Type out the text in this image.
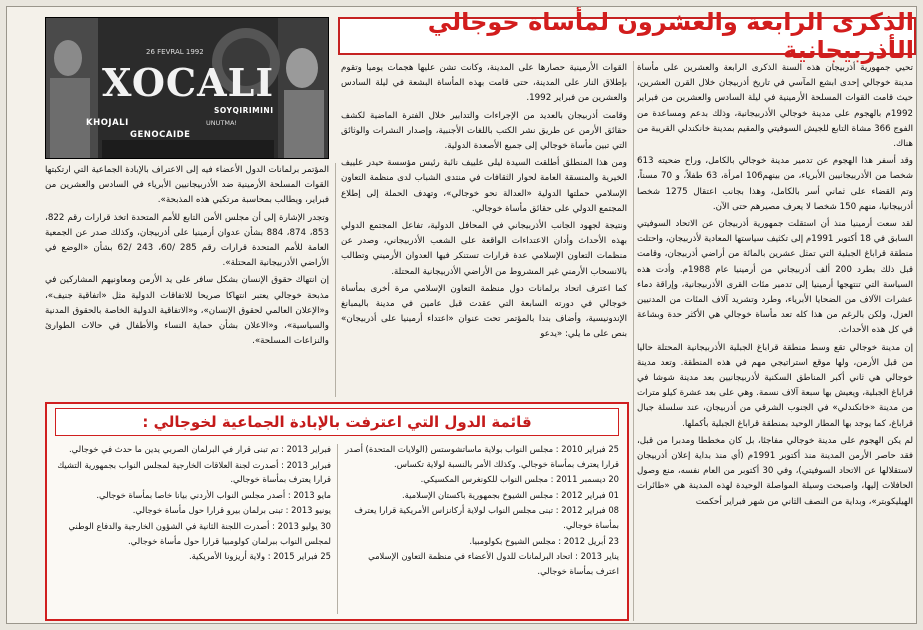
الذكرى الرابعة والعشرون لمأساة خوجالي الأذربيجانية
26 FEVRAL 1992
XOCALI
SOYQIRIMINI
KHOJALI	UNUTMA!
GENOCAIDE

تحيي جمهورية أذربيجان هذه السنة الذكرى الرابعة والعشرين على مأساة مدينة خوجالي إحدى ابشع المآسي في تاريخ أذربيجان خلال القرن العشرين، حيث قامت القوات المسلحة الأرمينية في ليلة السادس والعشرين من فبراير 1992م بالهجوم على مدينة خوجالي الأذربيجانية، وذلك بدعم ومساعدة من الفوج 366 مشاة التابع للجيش السوفيتي والمقيم بمدينة خانكندلي القريبة من هناك.

وقد أسفر هذا الهجوم عن تدمير مدينة خوجالي بالكامل، وراح ضحيته 613 شخصا من الأذربيجانيين الأبرياء، من بينهم106 امرأة، 63 طفلاً، و 70 مسناً، وتم القضاء على ثماني أسر بالكامل، وهذا بجانب اعتقال 1275 شخصا أذربيجانيا، منهم 150 شخصا لا يعرف مصيرهم حتى الآن.

لقد سعت أرمينيا منذ أن استقلت جمهورية أذربيجان عن الاتحاد السوفيتي السابق في 18 أكتوبر 1991م إلى تكثيف سياستها المعادية لأذربيجان، واحتلت منطقة قراباغ الجبلية التي تمثل عشرين بالمائة من أراضي أذربيجان، وقامت قبل ذلك بطرد 200 ألف أذربيجاني من أرمينيا عام 1988م. وأدت هذه السياسة التي تنتهجها أرمينيا إلى تدمير مئات القرى الأذربيجانية، وإراقة دماء عشرات الآلاف من الضحايا الأبرياء، وطرد وتشريد آلاف المئات من المدنيين العزل، ولكن بالرغم من هذا كله تعد مأساة خوجالي هي الأكثر حدة وبشاعة في كل هذه الأحداث.

إن مدينة خوجالي تقع وسط منطقة قراباغ الجبلية الأذربيجانية المحتلة حاليا من قبل الأرمن، ولها موقع استراتيجي مهم في هذه المنطقة. وتعد مدينة خوجالي هي ثاني أكبر المناطق السكنية لأذربيجانيين بعد مدينة شوشا في قراباغ الجبلية، ويعيش بها سبعة آلاف نسمة. وهي على بعد عشرة كيلو مترات من مدينة «خانكندلي» في الجنوب الشرقي من أذربيجان، عند سلسلة جبال قراباغ، كما يوجد بها المطار الوحيد بمنطقة قراباغ الجبلية بأكملها.

لم يكن الهجوم على مدينة خوجالي مفاجئا، بل كان مخططا ومدبرا من قبل، فقد حاصر الأرمن المدينة منذ أكتوبر 1991م (أي منذ بداية إعلان أذربيجان لاستقلالها عن الاتحاد السوفيتي)، وفي 30 أكتوبر من العام نفسه، منع وصول الحافلات إليها، واصبحت وسيلة المواصلة الوحيدة لهذه المدينة هي «طائرات الهيليكوبتر»، وبداية من النصف الثاني من شهر فبراير أحكمت

القوات الأرمينية حصارها على المدينة، وكانت تشن عليها هجمات يوميا وتقوم بإطلاق النار على المدينة، حتى قامت بهذه المأساة البشعة في ليلة السادس والعشرين من فبراير 1992.

وقامت أذربيجان بالعديد من الإجراءات والتدابير خلال الفترة الماضية لكشف حقائق الأرمن عن طريق نشر الكتب باللغات الأجنبية، وإصدار النشرات والوثائق التي تبين مأساة خوجالي إلى جميع الأصعدة الدولية.

ومن هذا المنطلق أطلقت السيدة ليلى علييف نائبة رئيس مؤسسة حيدر علييف الخيرية والمنسقة العامة لحوار الثقافات في منتدى الشباب لدى منظمة التعاون الإسلامي حملتها الدولية «العدالة نحو خوجالي»، وتهدف الحملة إلى إطلاع المجتمع الدولي على حقائق مأساة خوجالي.

ونتيجة لجهود الجانب الأذربيجاني في المحافل الدولية، تفاعل المجتمع الدولي بهذه الأحداث وأدان الاعتداءات الواقعة على الشعب الأذربيجاني، وصدر عن منظمات التعاون الإسلامي عدة قرارات تستنكر فيها العدوان الأرميني وتطالب بالانسحاب الأرمني غير المشروط من الأراضي الأذربيجانية المحتلة.

كما اعترف اتحاد برلمانات دول منظمة التعاون الإسلامي مرة أخرى بمأساة خوجالي في دورته السابعة التي عقدت قبل عامين في مدينة باليمبانغ الإندونيسية، وأضاف بندا بالمؤتمر تحت عنوان «اعتداء أرمينيا على أذربيجان» بنص على ما يلي: «يدعو

المؤتمر برلمانات الدول الأعضاء فيه إلى الاعتراف بالإبادة الجماعية التي ارتكبتها القوات المسلحة الأرمينية ضد الأذربيجانيين الأبرياء في السادس والعشرين من فبراير، ويطالب بمحاسبة مرتكبي هذه المذبحة».

وتجدر الإشارة إلى أن مجلس الأمن التابع للأمم المتحدة اتخذ قرارات رقم 822، 853، 874، 884 بشأن عدوان أرمينيا على أذربيجان، وكذلك صدر عن الجمعية العامة للأمم المتحدة قرارات رقم 285 /60، 243 /62 بشأن «الوضع في الأراضي الأذربيجانية المحتلة».

إن انتهاك حقوق الإنسان بشكل سافر على يد الأرمن ومعاونيهم المشاركين في مذبحة خوجالي يعتبر انتهاكا صريحا للاتفاقات الدولية مثل «اتفاقية جنيف»، و«الإعلان العالمي لحقوق الإنسان»، و«الاتفاقية الدولية الخاصة بالحقوق المدنية والسياسية»، و«الاعلان بشأن حماية النساء والأطفال في حالات الطوارئ والنزاعات المسلحة».

قائمة الدول التي اعترفت بالإبادة الجماعية لخوجالي :

25 فبراير 2010 : مجلس النواب بولاية ماساتشوستس (الولايات المتحدة) أصدر قرارا يعترف بمأساة خوجالي. وكذلك الأمر بالنسبة لولاية تكساس.

20 ديسمبر 2011 : مجلس النواب للكونغرس المكسيكي.

01 فبراير 2012 : مجلس الشيوخ بجمهورية باكستان الإسلامية.

08 فبراير 2012 : تبنى مجلس النواب لولاية أركانزاس الأمريكية قرارا يعترف بمأساة خوجالي.

23 أبريل 2012 : مجلس الشيوخ بكولومبيا.

يناير 2013 : اتحاد البرلمانات للدول الأعضاء في منظمة التعاون الإسلامي اعترف بمأساة خوجالي.

فبراير 2013 : تم تبنى قرار في البرلمان الصربي يدين ما حدث في خوجالي.

فبراير 2013 : أصدرت لجنة العلاقات الخارجية لمجلس النواب بجمهورية التشيك قرارا يعترف بمأساة خوجالي.

مايو 2013 : أصدر مجلس النواب الأردني بيانا خاصا بمأساة خوجالي.

يونيو 2013 : تبنى برلمان بيرو قرارا حول مأساة خوجالي.

30 يوليو 2013 : أصدرت اللجنة الثانية في الشؤون الخارجية والدفاع الوطني لمجلس النواب ببرلمان كولومبيا قرارا حول مأساة خوجالي.

25 فبراير 2015 : ولاية أريزونا الأمريكية.
